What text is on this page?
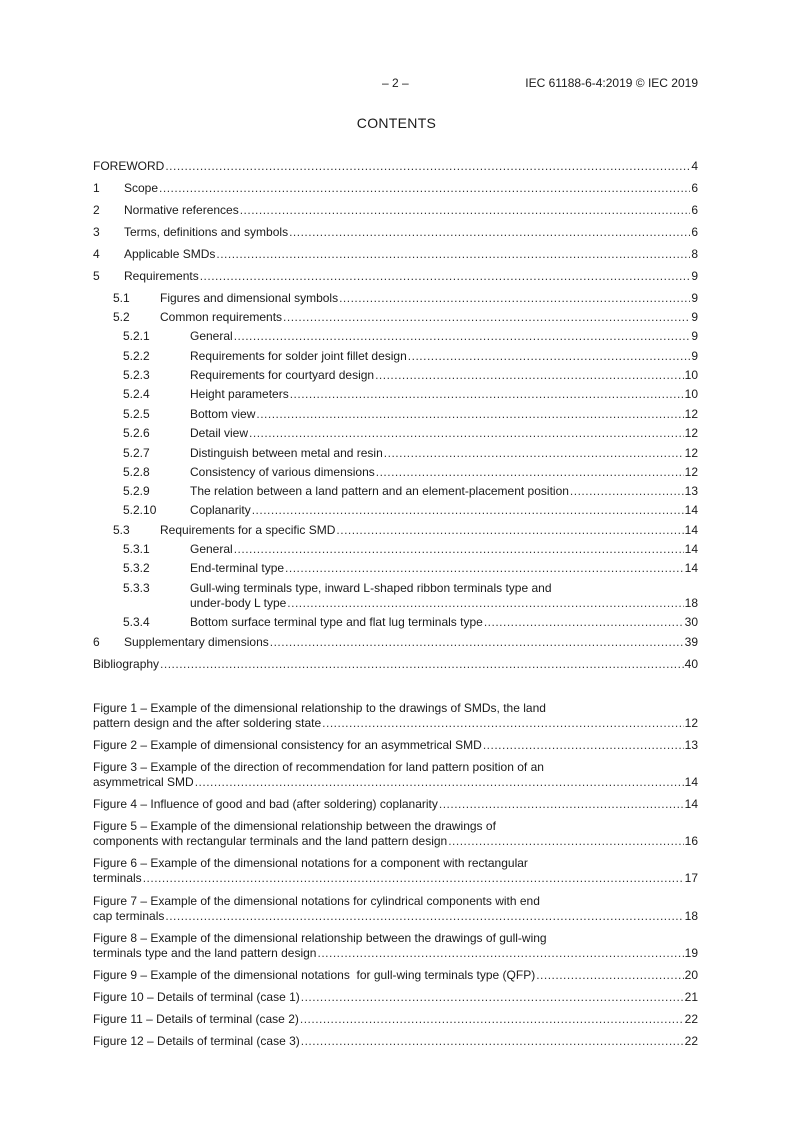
– 2 –	IEC 61188-6-4:2019 © IEC 2019
CONTENTS
FOREWORD .....	4
1	Scope .....	6
2	Normative references .....	6
3	Terms, definitions and symbols .....	6
4	Applicable SMDs .....	8
5	Requirements .....	9
5.1	Figures and dimensional symbols .....	9
5.2	Common requirements .....	9
5.2.1	General .....	9
5.2.2	Requirements for solder joint fillet design .....	9
5.2.3	Requirements for courtyard design .....	10
5.2.4	Height parameters .....	10
5.2.5	Bottom view .....	12
5.2.6	Detail view .....	12
5.2.7	Distinguish between metal and resin .....	12
5.2.8	Consistency of various dimensions .....	12
5.2.9	The relation between a land pattern and an element-placement position .....	13
5.2.10	Coplanarity .....	14
5.3	Requirements for a specific SMD .....	14
5.3.1	General .....	14
5.3.2	End-terminal type .....	14
5.3.3	Gull-wing terminals type, inward L-shaped ribbon terminals type and
under-body L type .....	18
5.3.4	Bottom surface terminal type and flat lug terminals type .....	30
6	Supplementary dimensions .....	39
Bibliography .....	40
Figure 1 – Example of the dimensional relationship to the drawings of SMDs, the land
pattern design and the after soldering state .....	12
Figure 2 – Example of dimensional consistency for an asymmetrical SMD .....	13
Figure 3 – Example of the direction of recommendation for land pattern position of an
asymmetrical SMD .....	14
Figure 4 – Influence of good and bad (after soldering) coplanarity .....	14
Figure 5 – Example of the dimensional relationship between the drawings of
components with rectangular terminals and the land pattern design .....	16
Figure 6 – Example of the dimensional notations for a component with rectangular
terminals .....	17
Figure 7 – Example of the dimensional notations for cylindrical components with end
cap terminals .....	18
Figure 8 – Example of the dimensional relationship between the drawings of gull-wing
terminals type and the land pattern design .....	19
Figure 9 – Example of the dimensional notations  for gull-wing terminals type (QFP) .....	20
Figure 10 – Details of terminal (case 1) .....	21
Figure 11 – Details of terminal (case 2) .....	22
Figure 12 – Details of terminal (case 3) .....	22
